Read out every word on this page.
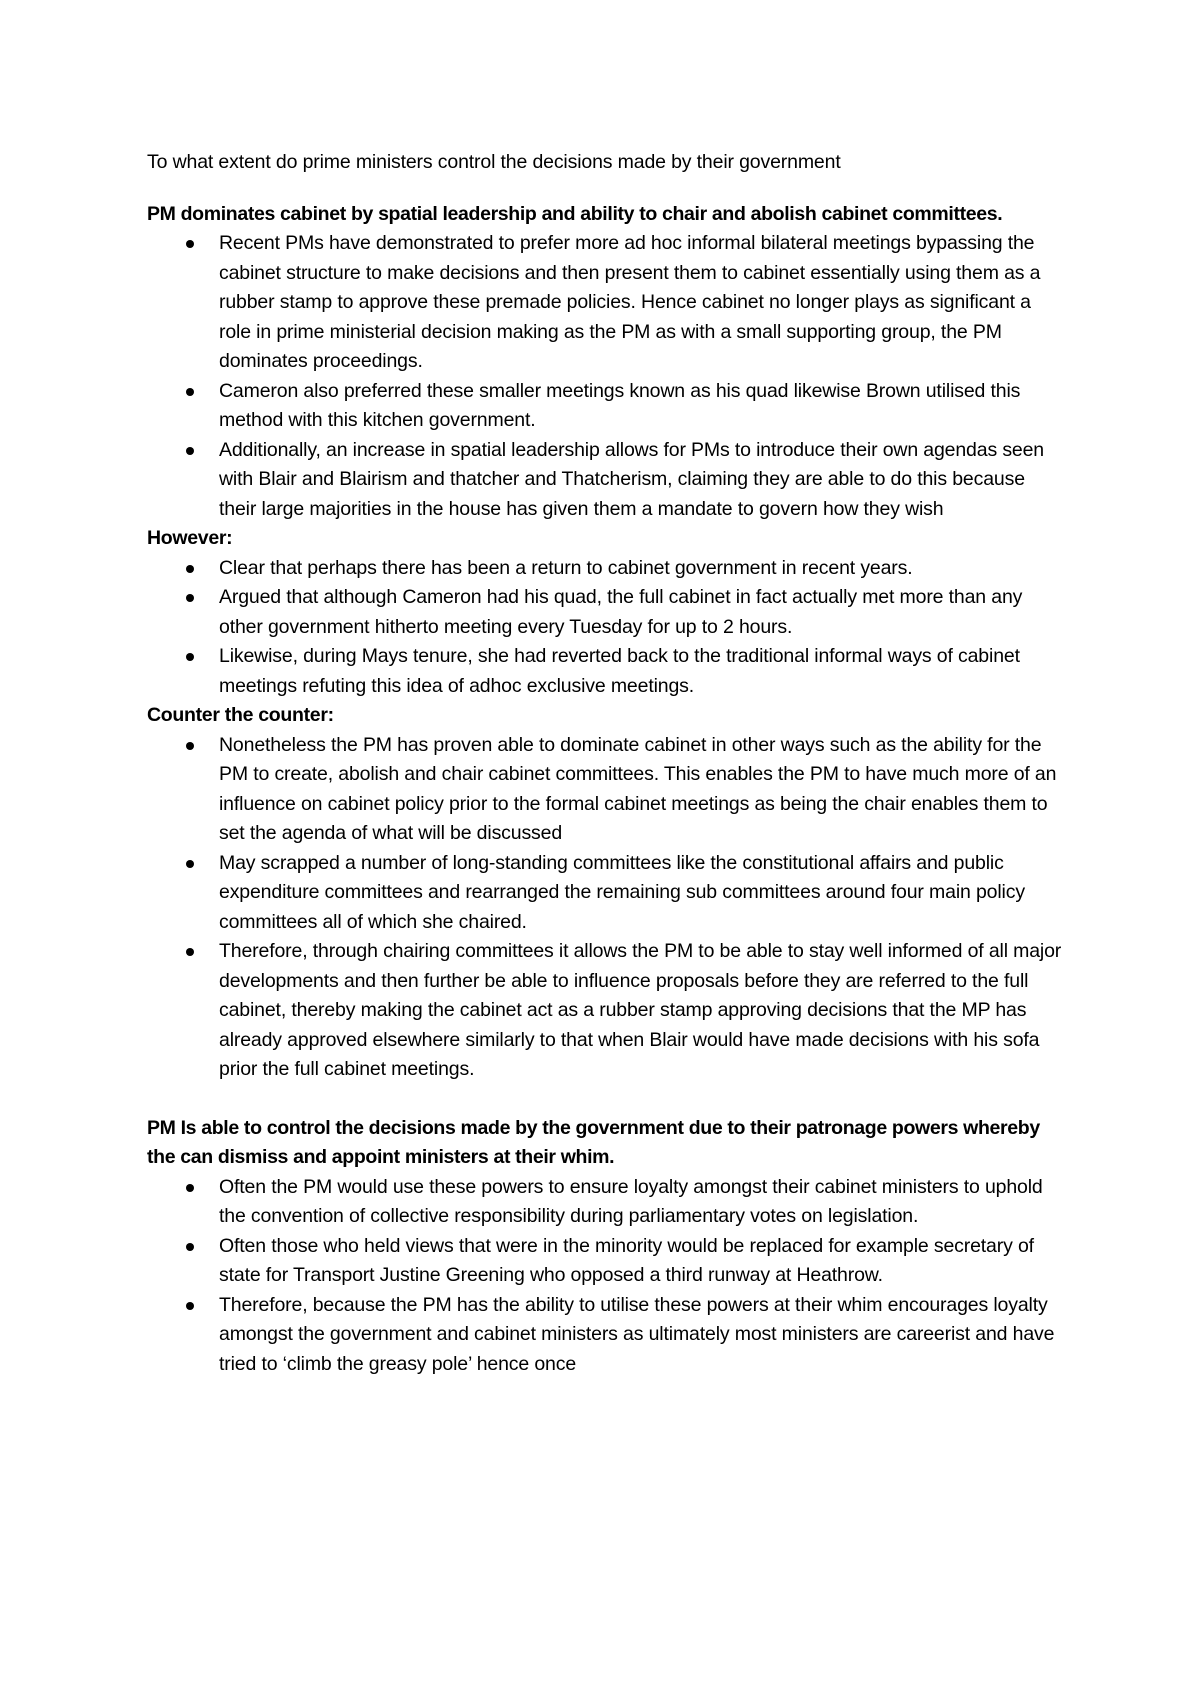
To what extent do prime ministers control the decisions made by their government

PM dominates cabinet by spatial leadership and ability to chair and abolish cabinet committees.

Recent PMs have demonstrated to prefer more ad hoc informal bilateral meetings bypassing the cabinet structure to make decisions and then present them to cabinet essentially using them as a rubber stamp to approve these premade policies. Hence cabinet no longer plays as significant a role in prime ministerial decision making as the PM as with a small supporting group, the PM dominates proceedings.
Cameron also preferred these smaller meetings known as his quad likewise Brown utilised this method with this kitchen government.
Additionally, an increase in spatial leadership allows for PMs to introduce their own agendas seen with Blair and Blairism and thatcher and Thatcherism, claiming they are able to do this because their large majorities in the house has given them a mandate to govern how they wish

However:

Clear that perhaps there has been a return to cabinet government in recent years.
Argued that although Cameron had his quad, the full cabinet in fact actually met more than any other government hitherto meeting every Tuesday for up to 2 hours.
Likewise, during Mays tenure, she had reverted back to the traditional informal ways of cabinet meetings refuting this idea of adhoc exclusive meetings.

Counter the counter:

Nonetheless the PM has proven able to dominate cabinet in other ways such as the ability for the PM to create, abolish and chair cabinet committees. This enables the PM to have much more of an influence on cabinet policy prior to the formal cabinet meetings as being the chair enables them to set the agenda of what will be discussed
May scrapped a number of long-standing committees like the constitutional affairs and public expenditure committees and rearranged the remaining sub committees around four main policy committees all of which she chaired.
Therefore, through chairing committees it allows the PM to be able to stay well informed of all major developments and then further be able to influence proposals before they are referred to the full cabinet, thereby making the cabinet act as a rubber stamp approving decisions that the MP has already approved elsewhere similarly to that when Blair would have made decisions with his sofa prior the full cabinet meetings.

PM Is able to control the decisions made by the government due to their patronage powers whereby the can dismiss and appoint ministers at their whim.

Often the PM would use these powers to ensure loyalty amongst their cabinet ministers to uphold the convention of collective responsibility during parliamentary votes on legislation.
Often those who held views that were in the minority would be replaced for example secretary of state for Transport Justine Greening who opposed a third runway at Heathrow.
Therefore, because the PM has the ability to utilise these powers at their whim encourages loyalty amongst the government and cabinet ministers as ultimately most ministers are careerist and have tried to ‘climb the greasy pole’ hence once
